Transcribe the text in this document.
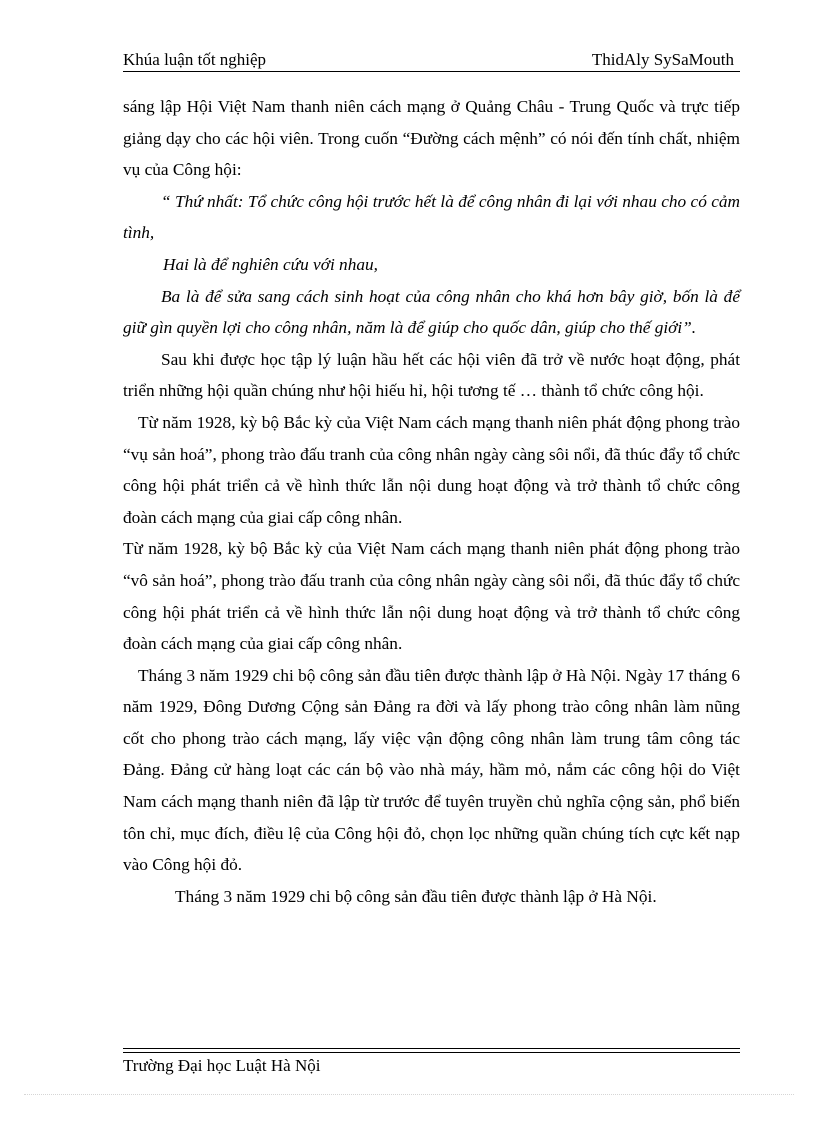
Khúa luận tốt nghiệp	ThidAly SySaMouth

sáng lập Hội Việt Nam thanh niên cách mạng ở Quảng Châu - Trung Quốc và trực tiếp giảng dạy cho các hội viên. Trong cuốn “Đường cách mệnh” có nói đến tính chất, nhiệm vụ của Công hội:

“ Thứ nhất: Tổ chức công hội trước hết là để công nhân đi lại với nhau cho có cảm tình,

Hai là để nghiên cứu với nhau,

Ba là để sửa sang cách sinh hoạt của công nhân cho khá hơn bây giờ, bốn là để giữ gìn quyền lợi cho công nhân, năm là để giúp cho quốc dân, giúp cho thế giới”.

Sau khi được học tập lý luận hầu hết các hội viên đã trở về nước hoạt động, phát triển những hội quần chúng như hội hiếu hỉ, hội tương tế … thành tổ chức công hội.

Từ năm 1928, kỳ bộ Bắc kỳ của Việt Nam cách mạng thanh niên phát động phong trào “vụ sản hoá”, phong trào đấu tranh của công nhân ngày càng sôi nổi, đã thúc đẩy tổ chức công hội phát triển cả về hình thức lẫn nội dung hoạt động và trở thành tổ chức công đoàn cách mạng của giai cấp công nhân.

Từ năm 1928, kỳ bộ Bắc kỳ của Việt Nam cách mạng thanh niên phát động phong trào “vô sản hoá”, phong trào đấu tranh của công nhân ngày càng sôi nổi, đã thúc đẩy tổ chức công hội phát triển cả về hình thức lẫn nội dung hoạt động và trở thành tổ chức công đoàn cách mạng của giai cấp công nhân.

Tháng 3 năm 1929 chi bộ công sản đầu tiên được thành lập ở Hà Nội. Ngày 17 tháng 6 năm 1929, Đông Dương Cộng sản Đảng ra đời và lấy phong trào công nhân làm nũng cốt cho phong trào cách mạng, lấy việc vận động công nhân làm trung tâm công tác Đảng. Đảng cử hàng loạt các cán bộ vào nhà máy, hầm mỏ, nắm các công hội do Việt Nam cách mạng thanh niên đã lập từ trước để tuyên truyền chủ nghĩa cộng sản, phổ biến tôn chỉ, mục đích, điều lệ của Công hội đỏ, chọn lọc những quần chúng tích cực kết nạp vào Công hội đỏ.

Tháng 3 năm 1929 chi bộ công sản đầu tiên được thành lập ở Hà Nội.

Trường Đại học Luật Hà Nội
